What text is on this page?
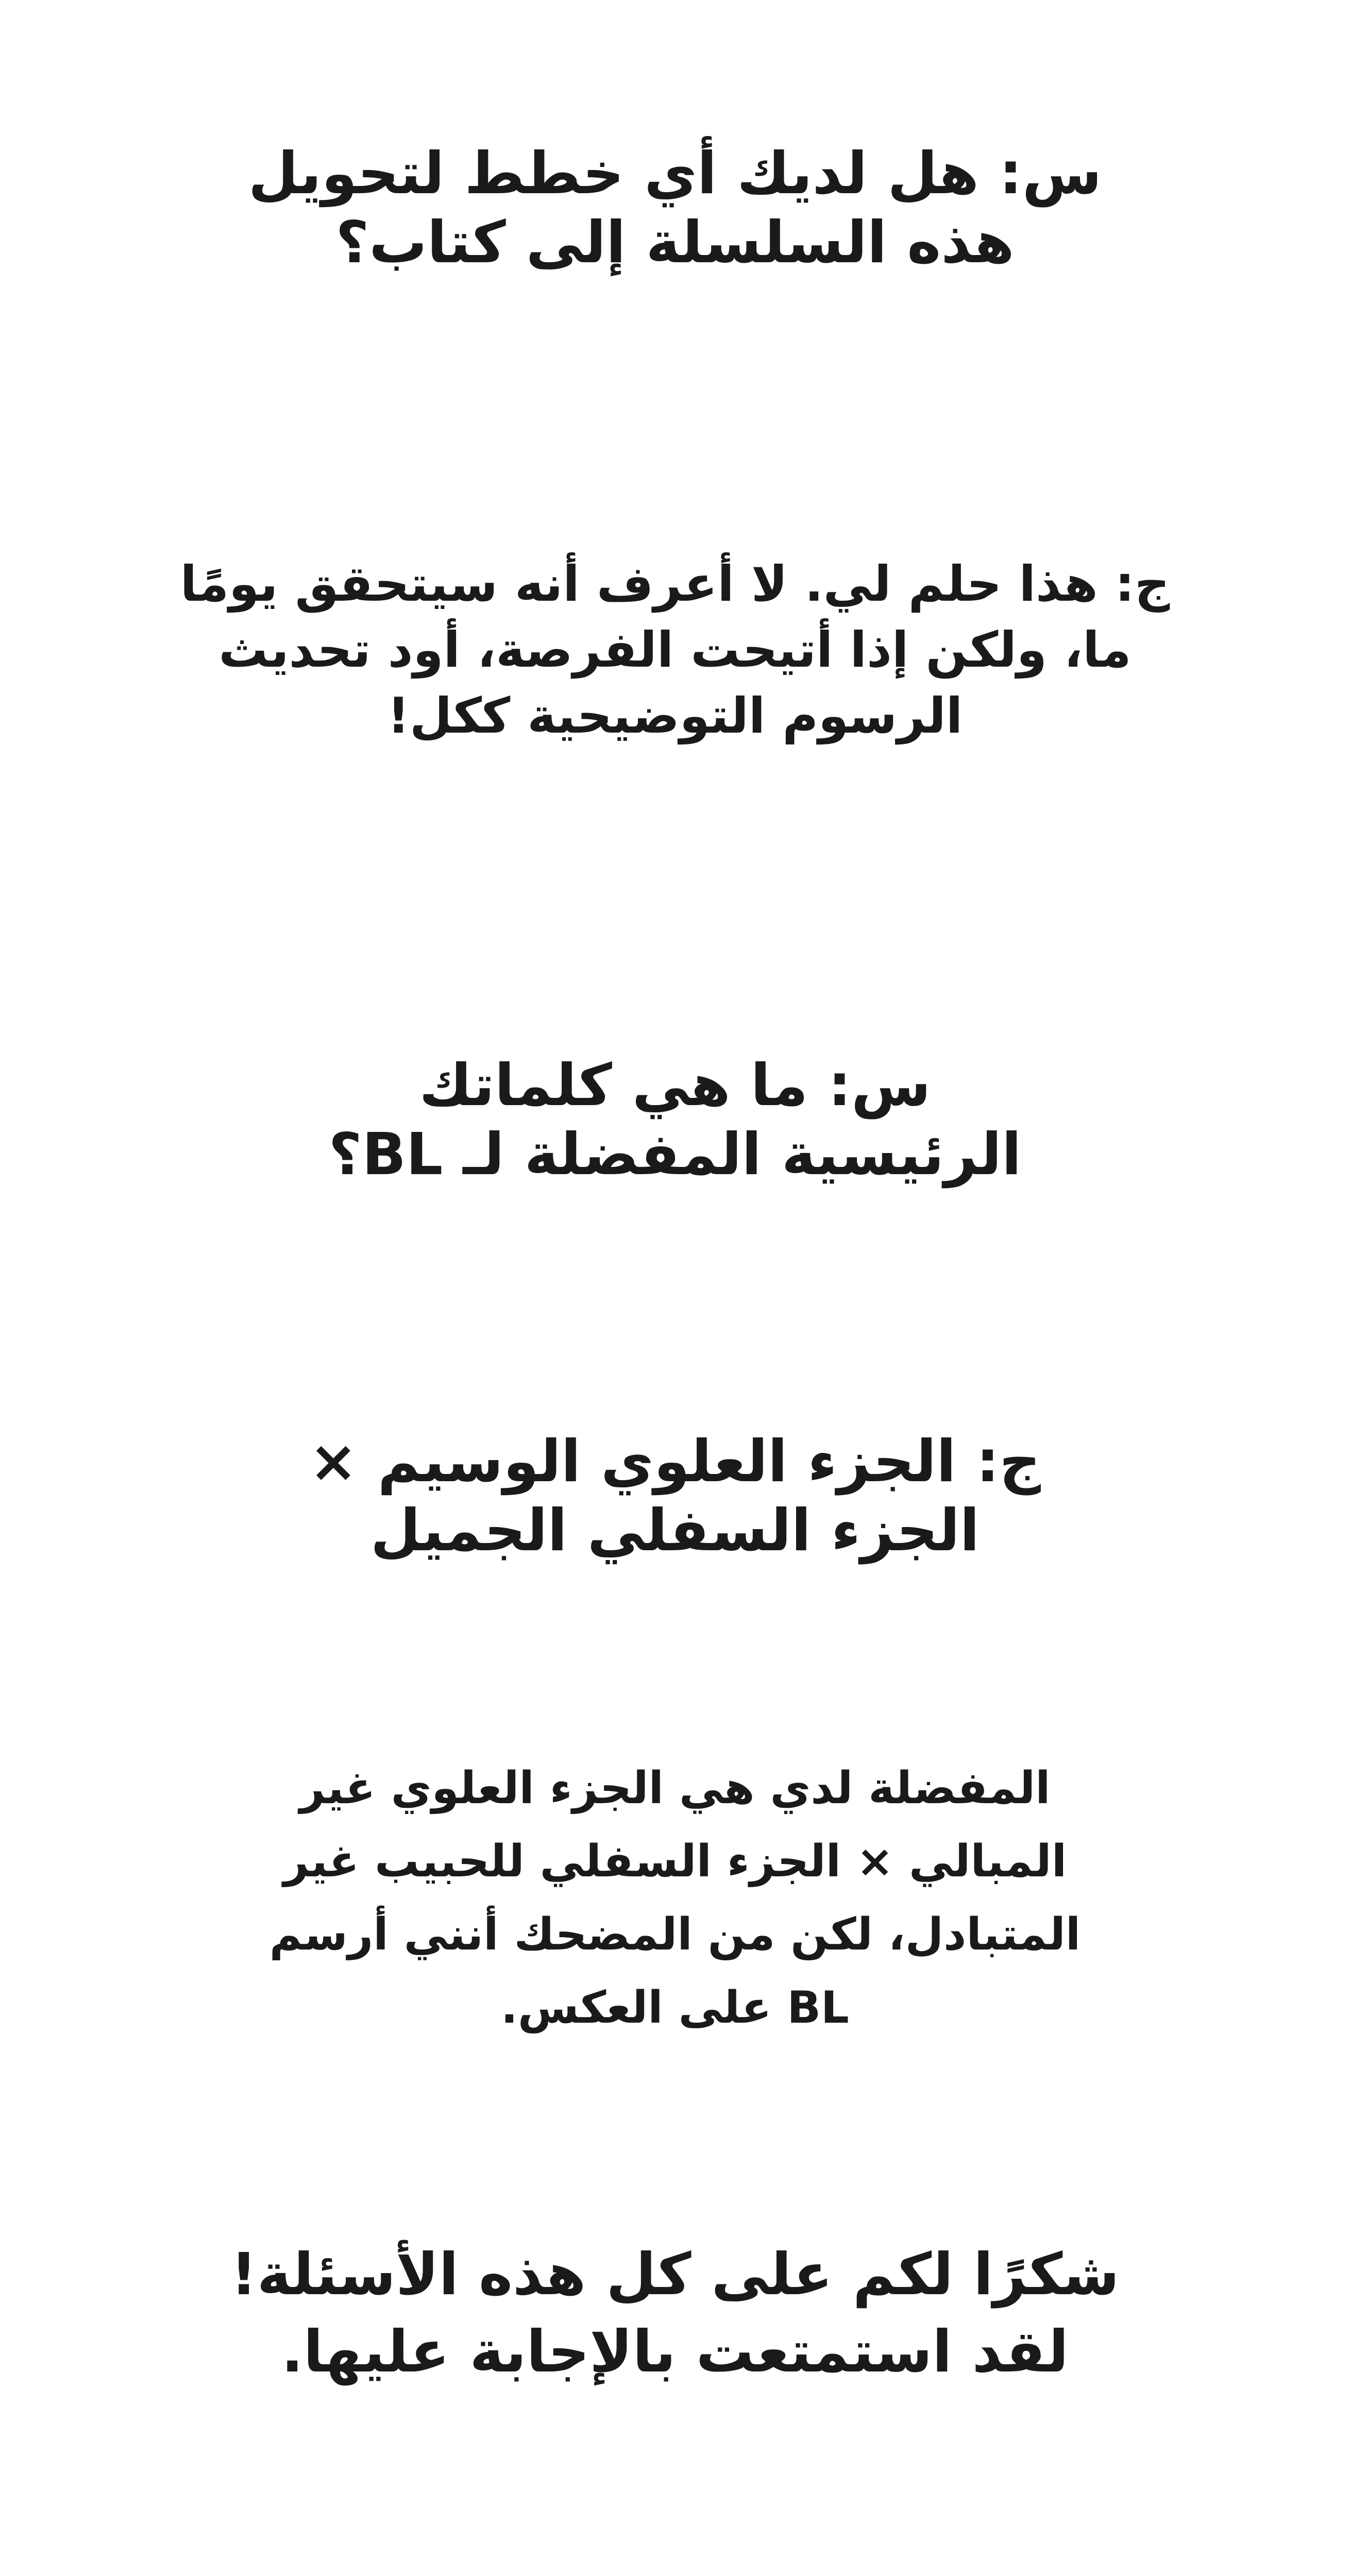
س: هل لديك أي خطط لتحويل
هذه السلسلة إلى كتاب؟
ج: هذا حلم لي. لا أعرف أنه سيتحقق يومًا
ما، ولكن إذا أتيحت الفرصة، أود تحديث
الرسوم التوضيحية ككل!
س: ما هي كلماتك
الرئيسية المفضلة لـ BL؟
ج: الجزء العلوي الوسيم ×
الجزء السفلي الجميل
المفضلة لدي هي الجزء العلوي غير
المبالي × الجزء السفلي للحبيب غير
المتبادل، لكن من المضحك أنني أرسم
BL على العكس.
شكرًا لكم على كل هذه الأسئلة!
لقد استمتعت بالإجابة عليها.
